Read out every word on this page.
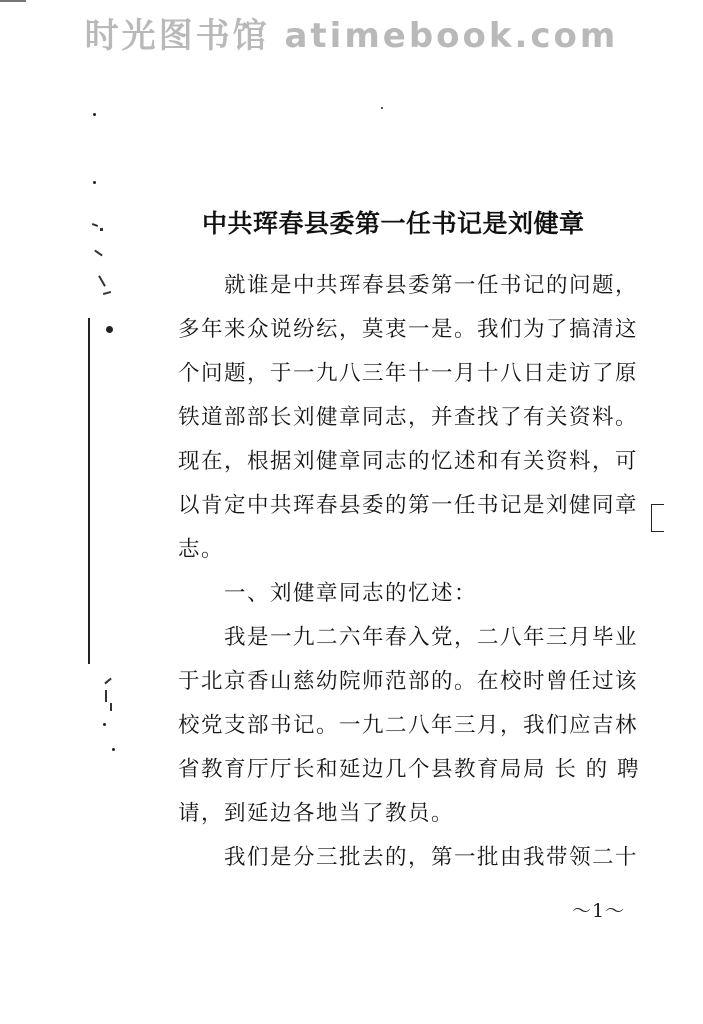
时光图书馆 atimebook.com
中共珲春县委第一任书记是刘健章
就谁是中共珲春县委第一任书记的问题，
多年来众说纷纭，莫衷一是。我们为了搞清这
个问题，于一九八三年十一月十八日走访了原
铁道部部长刘健章同志，并查找了有关资料。
现在，根据刘健章同志的忆述和有关资料，可
以肯定中共珲春县委的第一任书记是刘健同章
志。
一、刘健章同志的忆述：
我是一九二六年春入党，二八年三月毕业
于北京香山慈幼院师范部的。在校时曾任过该
校党支部书记。一九二八年三月，我们应吉林
省教育厅厅长和延边几个县教育局局 长 的 聘
请，到延边各地当了教员。
我们是分三批去的，第一批由我带领二十
～1～
